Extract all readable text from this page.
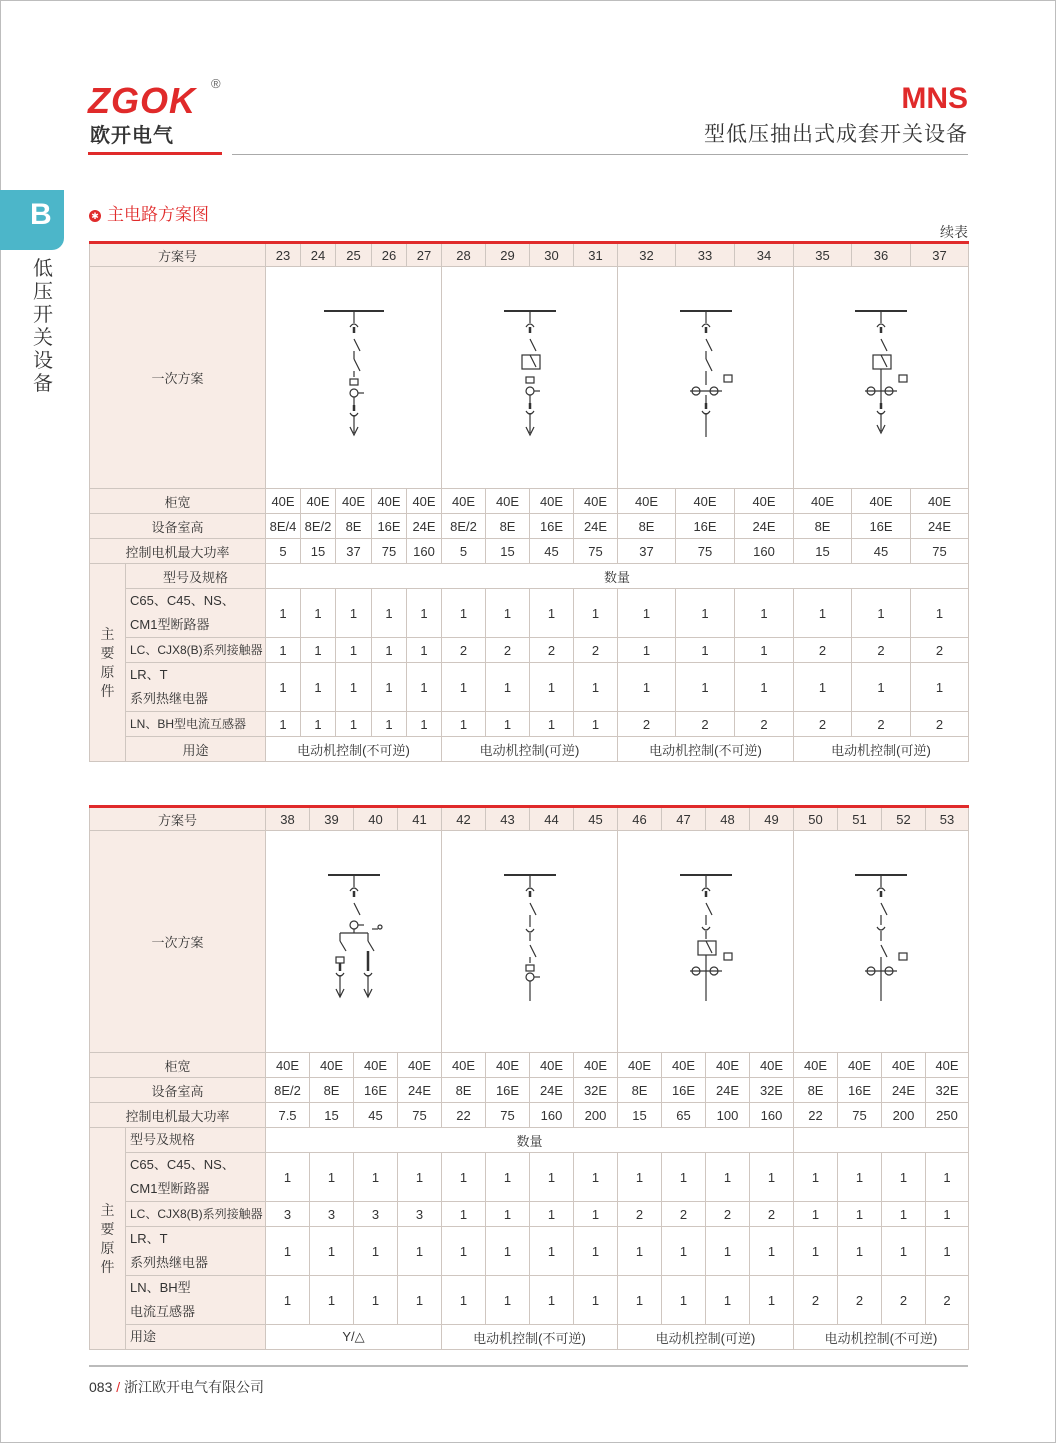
ZGOK ®
欧开电气
MNS
型低压抽出式成套开关设备
B
低压开关设备
✱ 主电路方案图
续表
方案号		23	24	25	26	27	28	29	30	31	32	33	34	35	36	37
一次方案	

柜宽		40E	40E	40E	40E	40E	40E	40E	40E	40E	40E	40E	40E	40E	40E	40E
设备室高		8E/4	8E/2	8E	16E	24E	8E/2	8E	16E	24E	8E	16E	24E	8E	16E	24E
控制电机最大功率		5	15	37	75	160	5	15	45	75	37	75	160	15	45	75
主要原件	型号及规格	数量														

	C65、C45、NS、
CM1型断路器	1	1	1	1	1	1	1	1	1	1	1	1	1	1	1
	LC、CJX8(B)系列接触器	1	1	1	1	1	2	2	2	2	1	1	1	2	2	2

	LR、T
系列热继电器	1	1	1	1	1	1	1	1	1	1	1	1	1	1	1
	LN、BH型电流互感器	1	1	1	1	1	1	1	1	1	2	2	2	2	2	2
	用途	电动机控制(不可逆)					电动机控制(可逆)				电动机控制(不可逆)			电动机控制(可逆)		
方案号		38	39	40	41	42	43	44	45	46	47	48	49	50	51	52	53
一次方案	

柜宽		40E	40E	40E	40E	40E	40E	40E	40E	40E	40E	40E	40E	40E	40E	40E	40E
设备室高		8E/2	8E	16E	24E	8E	16E	24E	32E	8E	16E	24E	32E	8E	16E	24E	32E
控制电机最大功率		7.5	15	45	75	22	75	160	200	15	65	100	160	22	75	200	250
主要原件	型号及规格	数量															

	C65、C45、NS、
CM1型断路器	1	1	1	1	1	1	1	1	1	1	1	1	1	1	1	1
	LC、CJX8(B)系列接触器	3	3	3	3	1	1	1	1	2	2	2	2	1	1	1	1

	LR、T
系列热继电器	1	1	1	1	1	1	1	1	1	1	1	1	1	1	1	1

	LN、BH型
电流互感器	1	1	1	1	1	1	1	1	1	1	1	1	2	2	2	2
	用途	Y/△				电动机控制(不可逆)				电动机控制(可逆)				电动机控制(不可逆)			
083 / 浙江欧开电气有限公司
